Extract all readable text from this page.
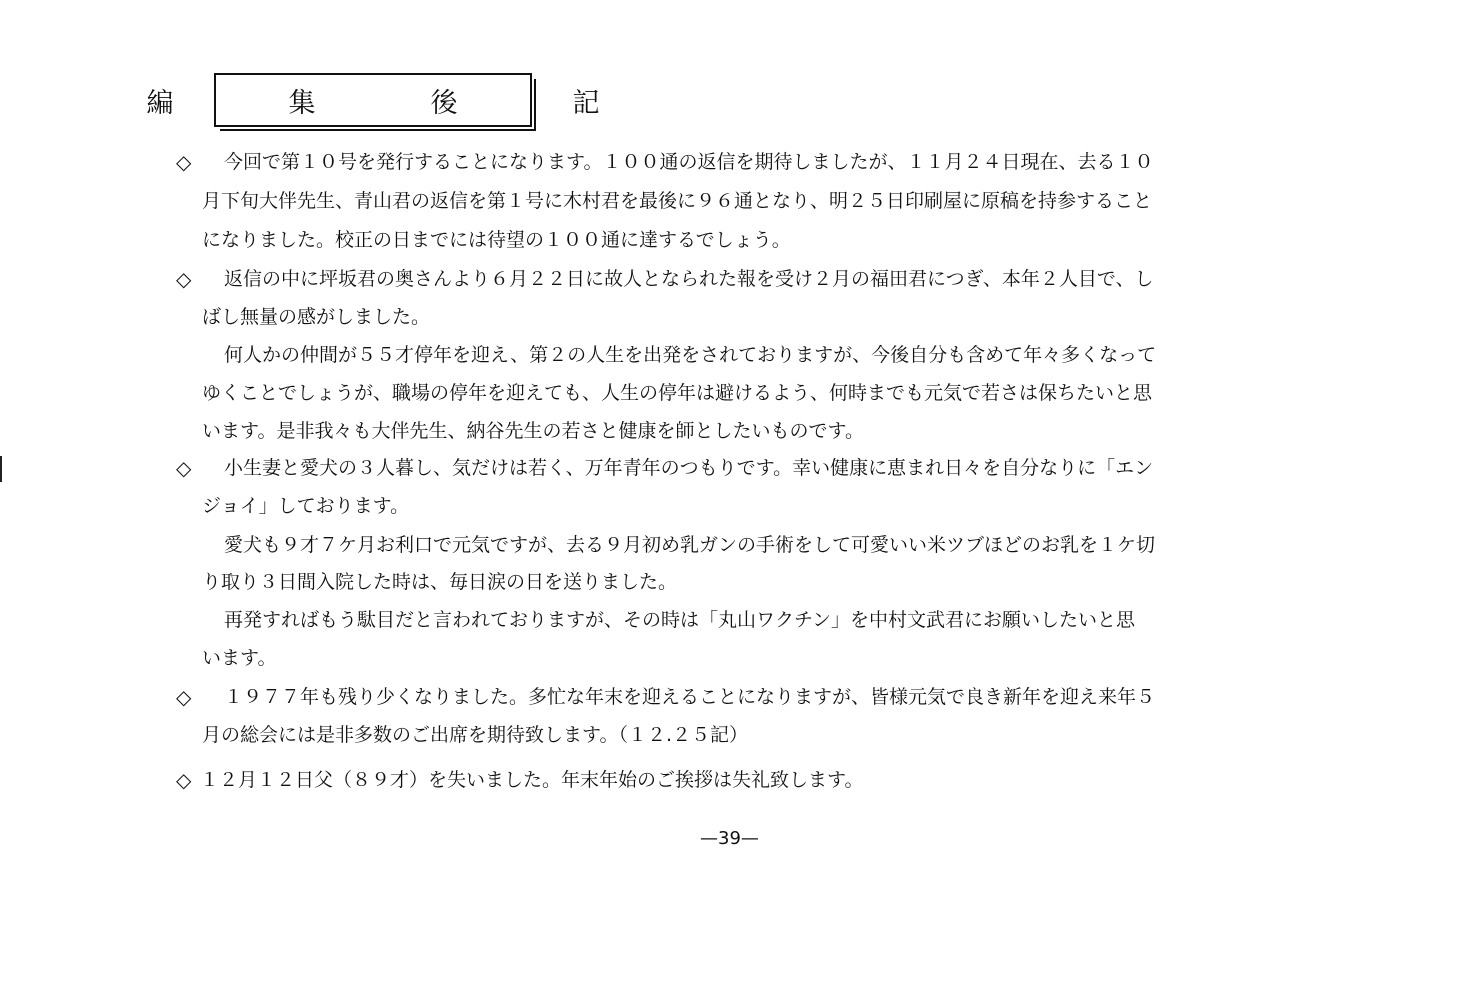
編　集　後　記
◇ 今回で第１０号を発行することになります。１００通の返信を期待しましたが、１１月２４日現在、去る１０
月下旬大伴先生、青山君の返信を第１号に木村君を最後に９６通となり、明２５日印刷屋に原稿を持参すること
になりました。校正の日までには待望の１００通に達するでしょう。
◇ 返信の中に坪坂君の奥さんより６月２２日に故人となられた報を受け２月の福田君につぎ、本年２人目で、し
ばし無量の感がしました。
何人かの仲間が５５才停年を迎え、第２の人生を出発をされておりますが、今後自分も含めて年々多くなって
ゆくことでしょうが、職場の停年を迎えても、人生の停年は避けるよう、何時までも元気で若さは保ちたいと思
います。是非我々も大伴先生、納谷先生の若さと健康を師としたいものです。
◇ 小生妻と愛犬の３人暮し、気だけは若く、万年青年のつもりです。幸い健康に恵まれ日々を自分なりに「エン
ジョイ」しております。
愛犬も９才７ケ月お利口で元気ですが、去る９月初め乳ガンの手術をして可愛いい米ツブほどのお乳を１ケ切
り取り３日間入院した時は、毎日涙の日を送りました。
再発すればもう駄目だと言われておりますが、その時は「丸山ワクチン」を中村文武君にお願いしたいと思
います。
◇ １９７７年も残り少くなりました。多忙な年末を迎えることになりますが、皆様元気で良き新年を迎え来年５
月の総会には是非多数のご出席を期待致します。（１２.２５記）
◇ １２月１２日父（８９才）を失いました。年末年始のご挨拶は失礼致します。
—39—
